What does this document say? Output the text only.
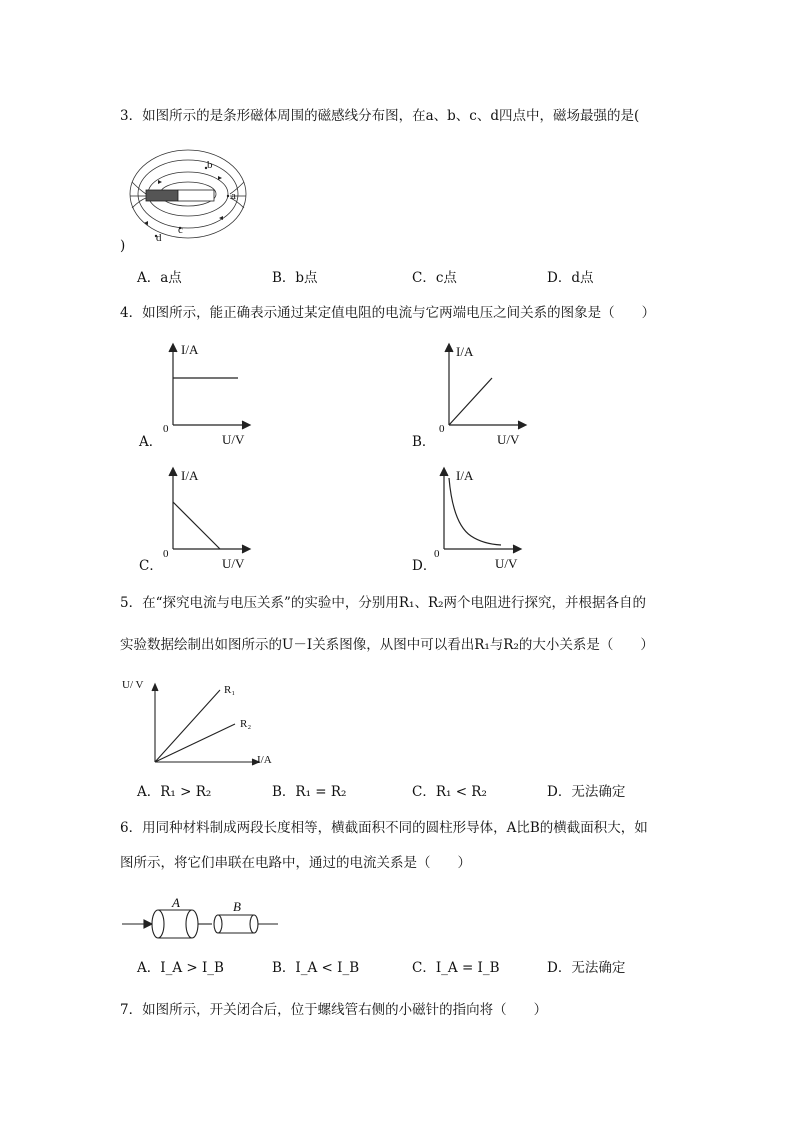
3．如图所示的是条形磁体周围的磁感线分布图，在a、b、c、d四点中，磁场最强的是(
b
a
c
d
)
A．a点	B．b点	C．c点	D．d点
4．如图所示，能正确表示通过某定值电阻的电流与它两端电压之间关系的图象是（　　）
I/A
0
U/V
A．
I/A
0
U/V
B．
I/A
0
U/V
C．
I/A
0
U/V
D．
5．在“探究电流与电压关系”的实验中，分别用R₁、R₂两个电阻进行探究，并根据各自的
实验数据绘制出如图所示的U－I关系图像，从图中可以看出R₁与R₂的大小关系是（　　）
U/ V
I/A
R₁
R₂
A．R₁ > R₂	B．R₁ = R₂	C．R₁ < R₂	D．无法确定
6．用同种材料制成两段长度相等，横截面积不同的圆柱形导体，A比B的横截面积大，如
图所示，将它们串联在电路中，通过的电流关系是（　　）
A	B
A．I_A > I_B	B．I_A < I_B	C．I_A = I_B	D．无法确定
7．如图所示，开关闭合后，位于螺线管右侧的小磁针的指向将（　　）
